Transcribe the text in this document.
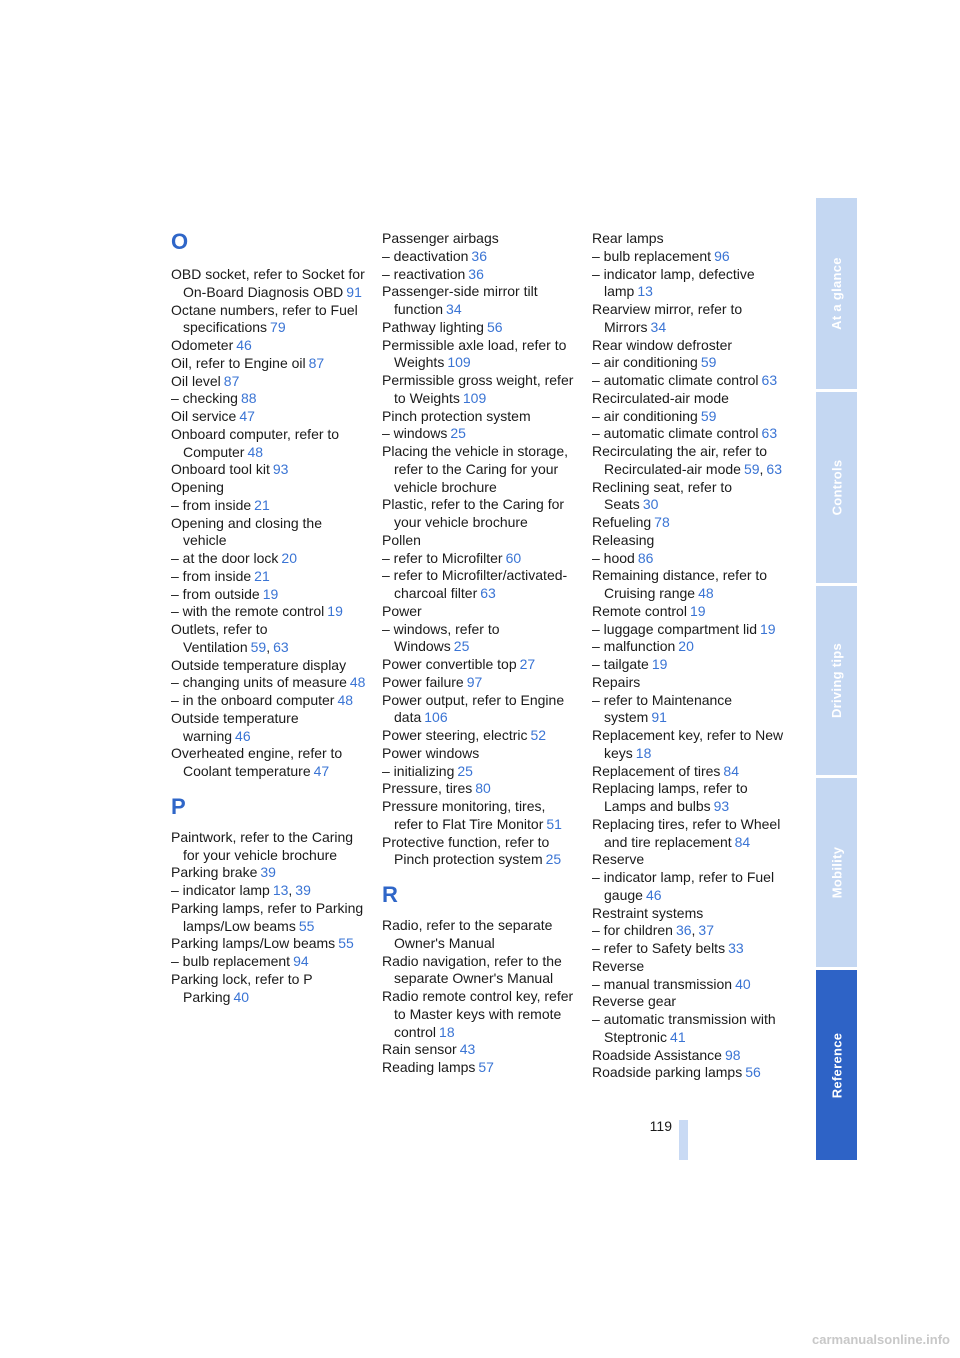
O
OBD socket, refer to Socket for On-Board Diagnosis OBD 91
Octane numbers, refer to Fuel specifications 79
Odometer 46
Oil, refer to Engine oil 87
Oil level 87
– checking 88
Oil service 47
Onboard computer, refer to Computer 48
Onboard tool kit 93
Opening
– from inside 21
Opening and closing the vehicle
– at the door lock 20
– from inside 21
– from outside 19
– with the remote control 19
Outlets, refer to Ventilation 59, 63
Outside temperature display
– changing units of measure 48
– in the onboard computer 48
Outside temperature warning 46
Overheated engine, refer to Coolant temperature 47
P
Paintwork, refer to the Caring for your vehicle brochure
Parking brake 39
– indicator lamp 13, 39
Parking lamps, refer to Parking lamps/Low beams 55
Parking lamps/Low beams 55
– bulb replacement 94
Parking lock, refer to P Parking 40
Passenger airbags
– deactivation 36
– reactivation 36
Passenger-side mirror tilt function 34
Pathway lighting 56
Permissible axle load, refer to Weights 109
Permissible gross weight, refer to Weights 109
Pinch protection system
– windows 25
Placing the vehicle in storage, refer to the Caring for your vehicle brochure
Plastic, refer to the Caring for your vehicle brochure
Pollen
– refer to Microfilter 60
– refer to Microfilter/activated-charcoal filter 63
Power
– windows, refer to Windows 25
Power convertible top 27
Power failure 97
Power output, refer to Engine data 106
Power steering, electric 52
Power windows
– initializing 25
Pressure, tires 80
Pressure monitoring, tires, refer to Flat Tire Monitor 51
Protective function, refer to Pinch protection system 25
R
Radio, refer to the separate Owner's Manual
Radio navigation, refer to the separate Owner's Manual
Radio remote control key, refer to Master keys with remote control 18
Rain sensor 43
Reading lamps 57
Rear lamps
– bulb replacement 96
– indicator lamp, defective lamp 13
Rearview mirror, refer to Mirrors 34
Rear window defroster
– air conditioning 59
– automatic climate control 63
Recirculated-air mode
– air conditioning 59
– automatic climate control 63
Recirculating the air, refer to Recirculated-air mode 59, 63
Reclining seat, refer to Seats 30
Refueling 78
Releasing
– hood 86
Remaining distance, refer to Cruising range 48
Remote control 19
– luggage compartment lid 19
– malfunction 20
– tailgate 19
Repairs
– refer to Maintenance system 91
Replacement key, refer to New keys 18
Replacement of tires 84
Replacing lamps, refer to Lamps and bulbs 93
Replacing tires, refer to Wheel and tire replacement 84
Reserve
– indicator lamp, refer to Fuel gauge 46
Restraint systems
– for children 36, 37
– refer to Safety belts 33
Reverse
– manual transmission 40
Reverse gear
– automatic transmission with Steptronic 41
Roadside Assistance 98
Roadside parking lamps 56
119
At a glance
Controls
Driving tips
Mobility
Reference
carmanualsonline.info
